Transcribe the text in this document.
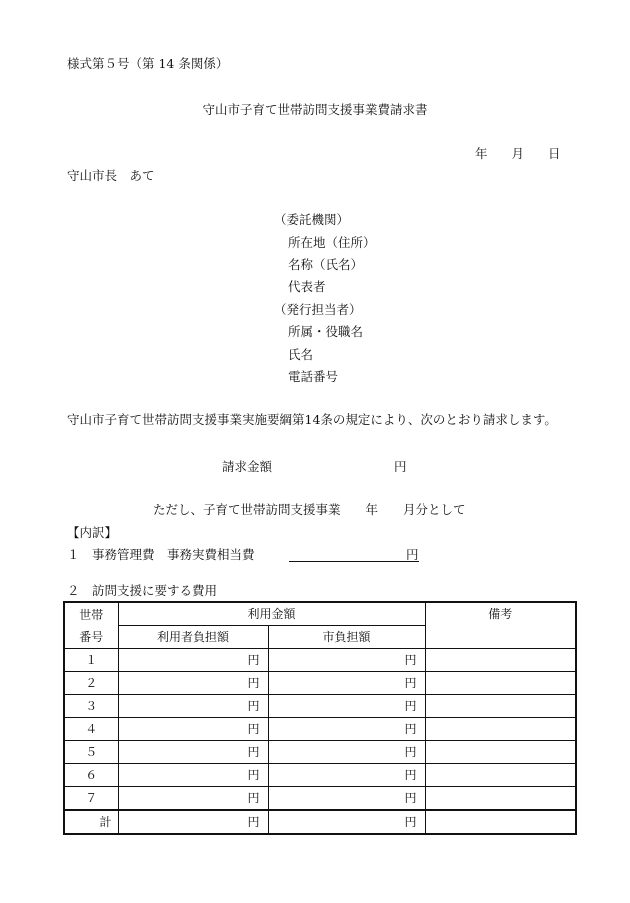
様式第５号（第 14 条関係）
守山市子育て世帯訪問支援事業費請求書
年 月 日
守山市長　あて
（委託機関）
所在地（住所）
名称（氏名）
代表者
（発行担当者）
所属・役職名
氏名
電話番号
守山市子育て世帯訪問支援事業実施要綱第14条の規定により、次のとおり請求します。
請求金額	円
ただし、子育て世帯訪問支援事業　　年　　月分として
【内訳】
１　事務管理費　事務実費相当費	円
２　訪問支援に要する費用
世帯
番号	利用金額		備考
	利用者負担額	市負担額	
１	円	円	
２	円	円	
３	円	円	
４	円	円	
５	円	円	
６	円	円	
７	円	円	
計	円	円	
